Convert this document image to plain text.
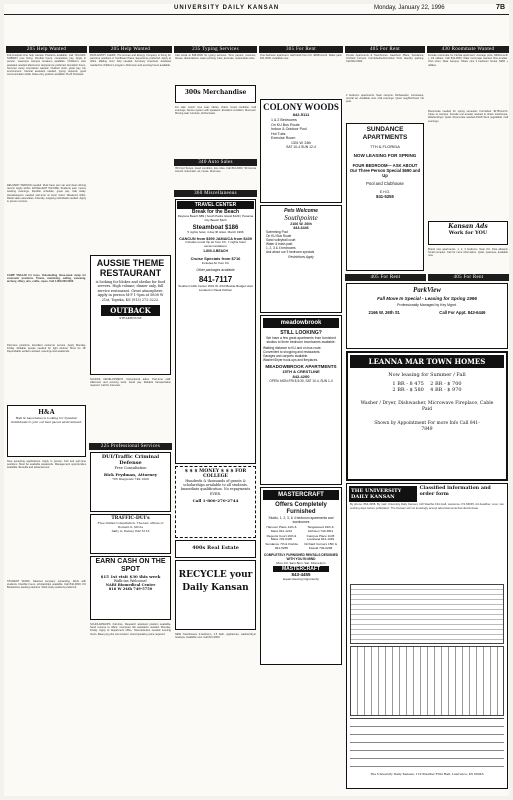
UNIVERSITY DAILY KANSAN	Monday, January 22, 1996	7B
205 Help Wanted
Full-time/part-time help wanted. Positions available. Call 749-0000. SUBWAY now hiring. Flexible hours, competitive pay. Apply in person. Lawrence campus locations available. Children's care assistant needed afternoons. Experience preferred. Excellent hours. Summer camp counselors wanted. Outdoor work, great pay, fun environment. Clerical assistant needed, typing required, good communication skills. Data entry position available 15-20 hrs/week.
DELIVERY PERSON needed. Must have own car and clean driving record. Apply within. EXCELLENT INCOME. Students earn money working evenings. Flexible schedule, great pay. Call today. Housekeepers needed part-time at local motel. Weekend shifts. Retail sales associates. Friendly, outgoing individuals needed. Apply in person at store.
CAMP TAKAJO for boys. Outstanding three-week camp for counselor positions. Tennis, swimming, sailing, canoeing, archery, riflery, arts, crafts, ropes. Call 1-800-000-0000.
Part-time positions. Excellent customer service. Apply Monday-Friday. Reliable people needed for light clerical. Must be 18. Dependable workers wanted, evenings and weekends.
H&A
Hall & Associates is looking for dynamic individuals to join our fast paced environment.
Now accepting applications. Apply in person. Full and part-time positions. Must be available weekends. Management opportunities available. Benefits and advancement.
STUDENT WORK. National company expanding. Work with students. Flexible hours, scholarships available. Call 842-0000. KU Bookstores seeking cashiers. Work study students preferred.
205 Help Wanted
DATA ENTRY CLERK. The Human and Energy Company is hiring for part-time positions in Sunflower Plaza. Experience preferred. Apply at office. Mailing room help needed. Accuracy important. Assistant needed for children's program. Afternoon and evening hours available.
AUSSIE THEME RESTAURANT
is looking for blokes and sheilas for food servers. High volume, dinner only, full service restaurant. Great atmosphere. Apply in person M-F 1-5pm at 5608 W 21st, Topeka, KS (913) 272-3222.
OUTBACK
STEAKHOUSE
SCHOOL DEVELOPMENT. Instructional aides. Part-time staff. Afternoon and evening work. Good pay. Reliable transportation required. Call for interview.
225 Professional Services
DUI/Traffic Criminal Defense
Free Consultation
Rick Frydman, Attorney
785 Diagnosis 749-1000
TRAFFIC-DUI's
Free Initial Consultation. The law offices of Donald G. Strole
Sally G. Kelsey 842-5116
EARN CASH ON THE SPOT
$15 1st visit $30 this week
Walk-ins Welcome!
NABI Biomedical Center
816 W 24th 749-5750
SCHOLARSHIPS. Full-time. Research assistant position available. Send resume to office. Computer lab assistants needed. Monday-Friday. Apply at department office. Telemarketers needed evening hours. Base pay plus commission. Good speaking voice required.
235 Typing Services
Call Linda at 838-0000 for typing services. Term papers, resumes, theses, dissertations. Laser printing. Fast, accurate, reasonable rates.
300s Merchandise
For sale: couch, love seat, tables, chairs. Good condition. Call evenings. Stereo system with speakers. Excellent condition. Must sell. Moving sale: furniture, kitchenware.
340 Auto Sales
'89 Ford Tempo. Good condition, low miles. Call 842-0000. '90 Honda Accord. Automatic, air, cruise. Must see.
360 Miscellaneous
TRAVEL CENTER
Break for the Beach
Daytona Beach $89 | South Padre Island $129 | Panama City Beach $124
Steamboat $186
5 nights hotel, 4 day lift ticket, March 1996
CANCUN from $399 JAMAICA from $439
Includes round trip air from KC, 7 nights hotel accommodations
1-800-3-BEACH
Cruise Specials from $716
Includes Air from KC
Other packages available
841-7117
Southern Hills Center 1601 W. 23rd Beside Budget Host
Located in Pasta Kitchen
$ $ $ MONEY $ $ $ FOR COLLEGE
Hundreds & thousands of grants & scholarships available to all students. Immediate qualification. No repayments EVER.
Call 1-800-270-2744
400s Real Estate
RECYCLE your Daily Kansan
NEW Townhouses 2-bedroom, 1.5 bath, appliances, washer/dryer hookups. Available now. Call 841-0000.
305 For Rent
One bedroom apartment. Half block from KU. $395/month. Water paid. 841-0000. Available now.
COLONY WOODS
842-5111
1 & 2 Bedrooms
On KU Bus Route
Indoor & Outdoor Pool
Hot Tubs
Exercise Room
1301 W. 24th
SAT 10-4 SUN 12-4
Pets Welcome
Southpointe
2166 W. 26th
843-6446
Swimming Pool
On KU Bus Route
Sand volleyball court
Water & trash paid
1, 2, 3 & 4 bedrooms
Ask about our 3 bedroom specials
Restrictions Apply
meadowbrook
STILL LOOKING?
We have a few great apartments from furnished studios to three bedroom townhomes available.
Walking distance to KU and on bus route.
Convenient to shopping and restaurants.
Garages and carports available.
Washer/Dryer hook-ups and fireplaces.
MEADOWBROOK APARTMENTS
15TH & CRESTLINE
842-4200
OPEN: MON-FRI 8-5:30, SAT 10-4, SUN 1-4
MASTERCRAFT
Offers Completely Furnished
Studio, 1, 2, 3, & 4 bedroom apartments and townhomes
Hanover Place 14th & Mass 841-1212
Tanglewood 19th & Atchison 749-3811
Regents Court 19th & Mass 749-0445
Campus Place 1145 Louisiana 841-1429
Sundance 7th & Florida 841-5255
Orchard Corners 15th & Kasold 749-0298
COMPLETELY FURNISHED RENTALS DESIGNED WITH YOU IN MIND
Mon.-Fri. 9am-5pm. Sat. 10am-2pm
MASTERCRAFT
843-4455
Equal Housing Opportunity
405 For Rent
Private Apartments & Townhomes. Hawthorn Place, Sundance, Orchard Corners. Furnished/unfurnished. Pool, laundry, parking. Call 842-0000.
2 bedroom apartments. Near campus. Dishwasher, microwave, central air. Available now. Call evenings. Quiet neighborhood. No pets.
SUNDANCE APARTMENTS
7TH & FLORIDA
NOW LEASING FOR SPRING
FOUR BEDROOM— ASK ABOUT Our Three Person Special $690 and Up
Pool and Clubhouse
E.H.O.
841-5255
430 Roommate Wanted
Female roommate for Florida apartment. Average price. $200/month + 1/2 utilities. Call 842-0000. Male roommate wanted. Non-smoker. Own room. Near campus. Share nice 3 bedroom house. $250 + utilities.
Roommate needed for spring semester. Furnished. $175/month. Close to campus. Female non-smoker wanted to share townhouse. Washer/dryer. Quiet. Roommate needed ASAP. Rent negotiable. Call evenings.
Kansan Ads
Work for YOU
Brand new apartments. 1, 2, 3 bedroom. Near KU. Pets allowed. Small complex. Call for more information. Quiet, spacious, available now.
405 For Rent	405 For Rent
ParkView
Fall Move In Special - Leasing for Spring 1996
Professionally Managed by Key Mgmt.
2166 W. 26th St.	Call For Appt. 843-6446
LEANNA MAR TOWN HOMES
Now leasing for Summer / Fall
1 BR - 8 475    2 BR - $ 700
2 BR - $ 580    4 BR - $ 970
Washer / Dryer, Dishwasher, Microwave Fireplace, Cable Paid
Shown by Appointment For more Info Call 841-7849
THE UNIVERSITY DAILY KANSAN
Classified information and order form
By phone: 864-4358. By mail: University Daily Kansan, 119 Stauffer-Flint Hall, Lawrence, KS 66045. Ad deadline: noon, two working days before publication. The Kansan will not knowingly accept advertisements that discriminate.
The University Daily Kansan, 119 Stauffer-Flint Hall, Lawrence, KS 66045
